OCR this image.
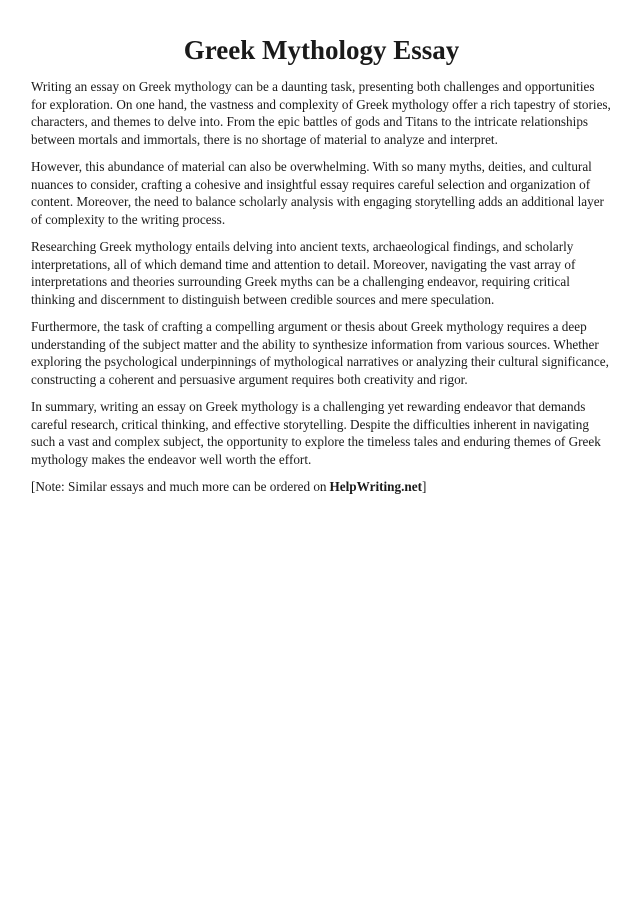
Greek Mythology Essay

Writing an essay on Greek mythology can be a daunting task, presenting both challenges and opportunities for exploration. On one hand, the vastness and complexity of Greek mythology offer a rich tapestry of stories, characters, and themes to delve into. From the epic battles of gods and Titans to the intricate relationships between mortals and immortals, there is no shortage of material to analyze and interpret.

However, this abundance of material can also be overwhelming. With so many myths, deities, and cultural nuances to consider, crafting a cohesive and insightful essay requires careful selection and organization of content. Moreover, the need to balance scholarly analysis with engaging storytelling adds an additional layer of complexity to the writing process.

Researching Greek mythology entails delving into ancient texts, archaeological findings, and scholarly interpretations, all of which demand time and attention to detail. Moreover, navigating the vast array of interpretations and theories surrounding Greek myths can be a challenging endeavor, requiring critical thinking and discernment to distinguish between credible sources and mere speculation.

Furthermore, the task of crafting a compelling argument or thesis about Greek mythology requires a deep understanding of the subject matter and the ability to synthesize information from various sources. Whether exploring the psychological underpinnings of mythological narratives or analyzing their cultural significance, constructing a coherent and persuasive argument requires both creativity and rigor.

In summary, writing an essay on Greek mythology is a challenging yet rewarding endeavor that demands careful research, critical thinking, and effective storytelling. Despite the difficulties inherent in navigating such a vast and complex subject, the opportunity to explore the timeless tales and enduring themes of Greek mythology makes the endeavor well worth the effort.

[Note: Similar essays and much more can be ordered on HelpWriting.net]
